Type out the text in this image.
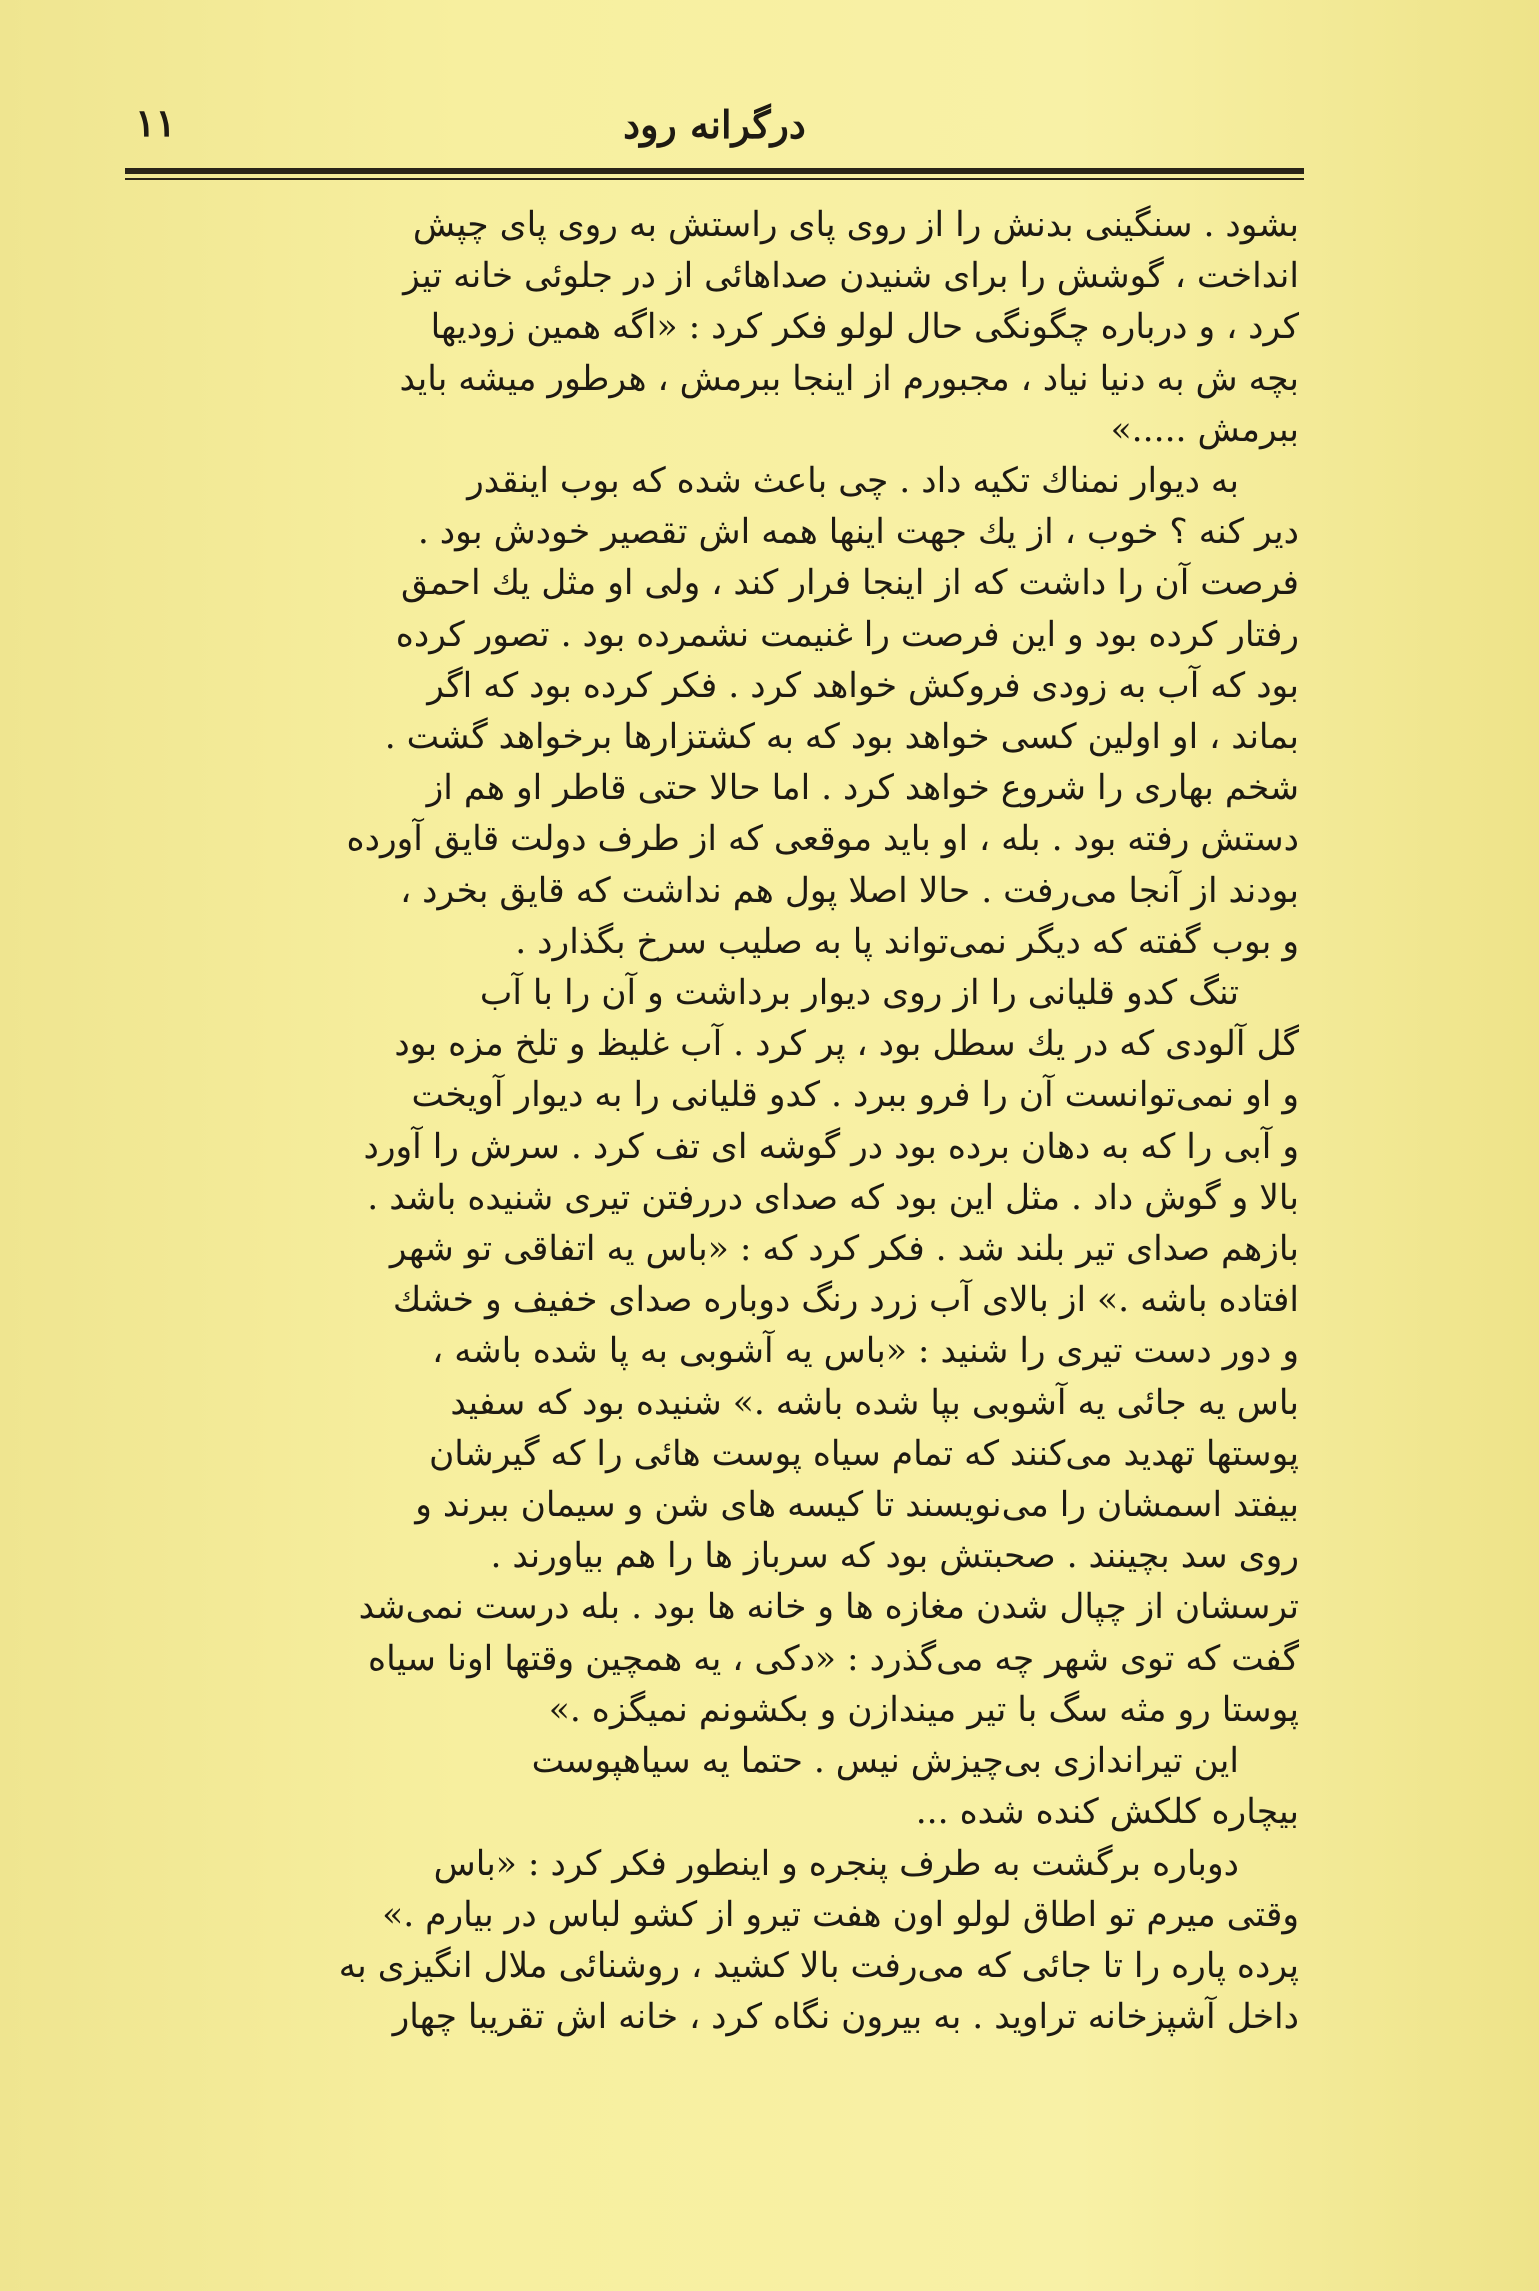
۱۱	درگرانه رود
بشود . سنگینی بدنش را از روی پای راستش به روی پای چپش
انداخت ، گوشش را برای شنیدن صداهائی از در جلوئی خانه تیز
کرد ، و درباره چگونگی حال لولو فکر کرد : «اگه همین زودیها
بچه ش به دنیا نیاد ، مجبورم از اینجا ببرمش ، هرطور میشه باید
ببرمش .....»
به دیوار نمناك تکیه داد . چی باعث شده که بوب اینقدر
دیر کنه ؟ خوب ، از یك جهت اینها همه اش تقصیر خودش بود .
فرصت آن را داشت که از اینجا فرار کند ، ولی او مثل یك احمق
رفتار کرده بود و این فرصت را غنیمت نشمرده بود . تصور کرده
بود که آب به زودی فروکش خواهد کرد . فکر کرده بود که اگر
بماند ، او اولین کسی خواهد بود که به کشتزارها برخواهد گشت .
شخم بهاری را شروع خواهد کرد . اما حالا حتی قاطر او هم از
دستش رفته بود . بله ، او باید موقعی که از طرف دولت قایق آورده
بودند از آنجا می‌رفت . حالا اصلا پول هم نداشت که قایق بخرد ،
و بوب گفته که دیگر نمی‌تواند پا به صلیب سرخ بگذارد .
تنگ کدو قلیانی را از روی دیوار برداشت و آن را با آب
گل آلودی که در یك سطل بود ، پر کرد . آب غلیظ و تلخ مزه بود
و او نمی‌توانست آن را فرو ببرد . کدو قلیانی را به دیوار آویخت
و آبی را که به دهان برده بود در گوشه ای تف کرد . سرش را آورد
بالا و گوش داد . مثل این بود که صدای دررفتن تیری شنیده باشد .
بازهم صدای تیر بلند شد . فکر کرد که : «باس یه اتفاقی تو شهر
افتاده باشه .» از بالای آب زرد رنگ دوباره صدای خفیف و خشك
و دور دست تیری را شنید : «باس یه آشوبی به پا شده باشه ،
باس یه جائی یه آشوبی بپا شده باشه .» شنیده بود که سفید
پوستها تهدید می‌کنند که تمام سیاه پوست هائی را که گیرشان
بیفتد اسمشان را می‌نویسند تا کیسه های شن و سیمان ببرند و
روی سد بچینند . صحبتش بود که سرباز ها را هم بیاورند .
ترسشان از چپال شدن مغازه ها و خانه ها بود . بله درست نمی‌شد
گفت که توی شهر چه می‌گذرد : «دکی ، یه همچین وقتها اونا سیاه
پوستا رو مثه سگ با تیر میندازن و بکشونم نمیگزه .»
این تیراندازی بی‌چیزش نیس . حتما یه سیاهپوست
بیچاره کلکش کنده شده ...
دوباره برگشت به طرف پنجره و اینطور فکر کرد : «باس
وقتی میرم تو اطاق لولو اون هفت تیرو از کشو لباس در بیارم .»
پرده پاره را تا جائی که می‌رفت بالا کشید ، روشنائی ملال انگیزی به
داخل آشپزخانه تراوید . به بیرون نگاه کرد ، خانه اش تقریبا چهار
